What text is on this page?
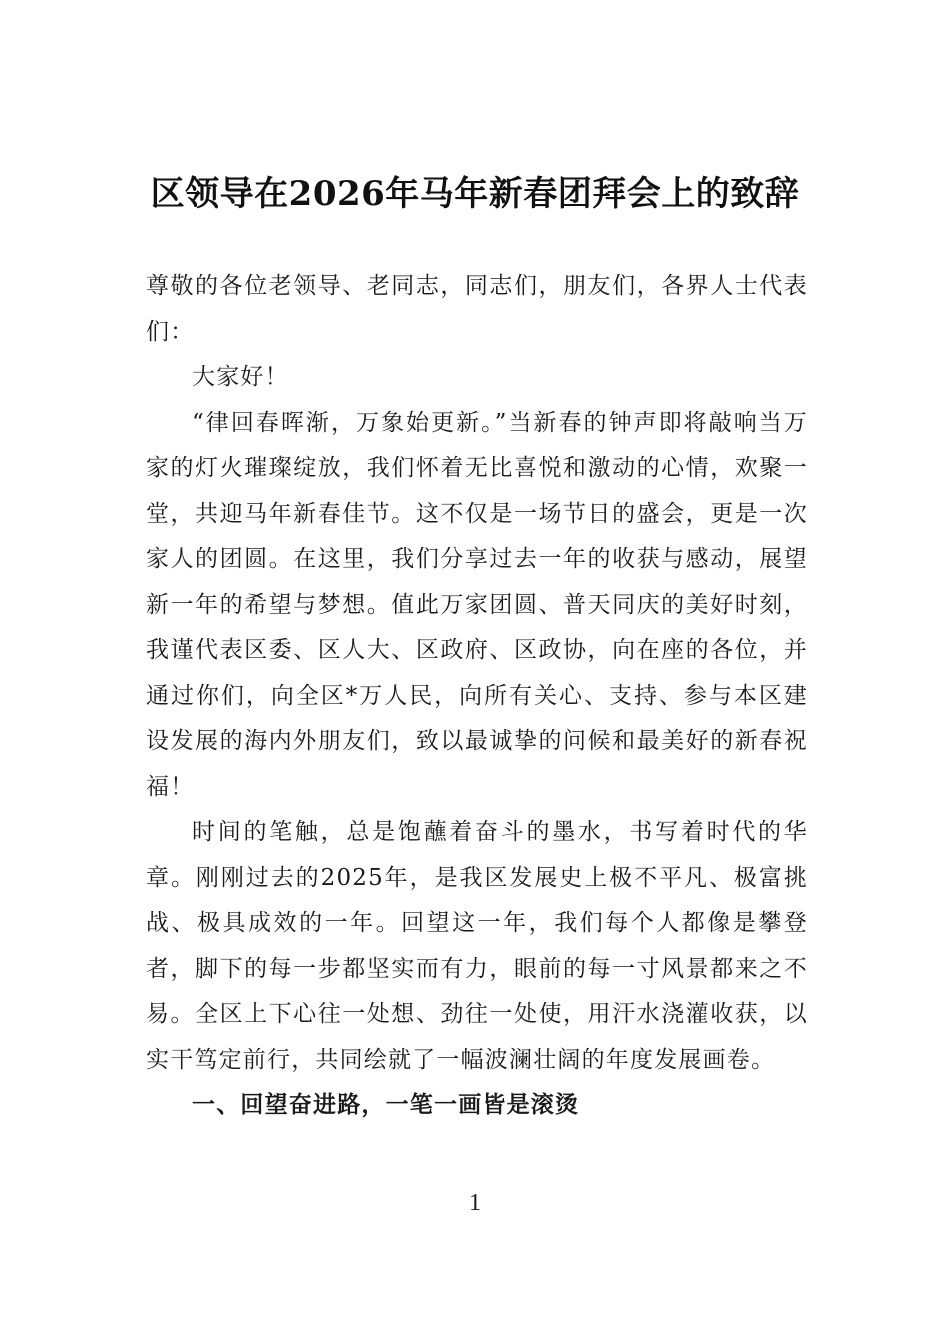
区领导在2026年马年新春团拜会上的致辞

尊敬的各位老领导、老同志，同志们，朋友们，各界人士代表们：

大家好！

“律回春晖渐，万象始更新。”当新春的钟声即将敲响当万家的灯火璀璨绽放，我们怀着无比喜悦和激动的心情，欢聚一堂，共迎马年新春佳节。这不仅是一场节日的盛会，更是一次家人的团圆。在这里，我们分享过去一年的收获与感动，展望新一年的希望与梦想。值此万家团圆、普天同庆的美好时刻，我谨代表区委、区人大、区政府、区政协，向在座的各位，并通过你们，向全区*万人民，向所有关心、支持、参与本区建设发展的海内外朋友们，致以最诚挚的问候和最美好的新春祝福！

时间的笔触，总是饱蘸着奋斗的墨水，书写着时代的华章。刚刚过去的2025年，是我区发展史上极不平凡、极富挑战、极具成效的一年。回望这一年，我们每个人都像是攀登者，脚下的每一步都坚实而有力，眼前的每一寸风景都来之不易。全区上下心往一处想、劲往一处使，用汗水浇灌收获，以实干笃定前行，共同绘就了一幅波澜壮阔的年度发展画卷。

一、回望奋进路，一笔一画皆是滚烫

1
